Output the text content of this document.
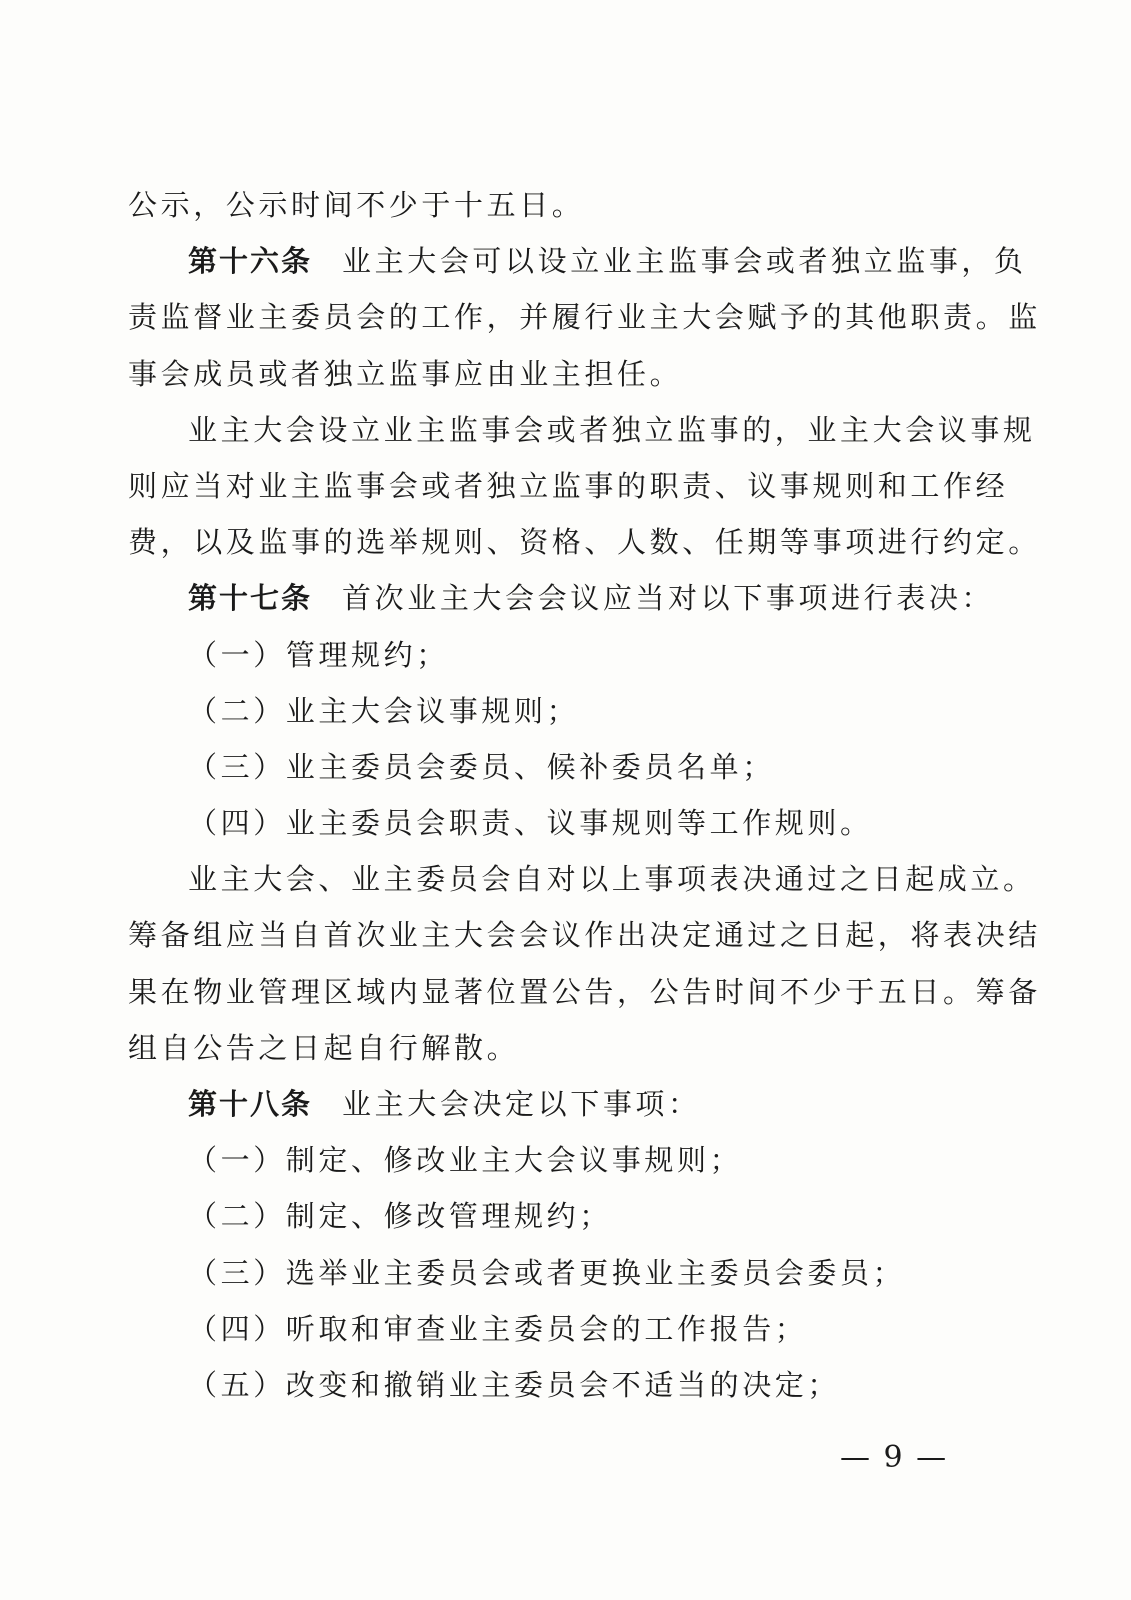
公示，公示时间不少于十五日。
第十六条 业主大会可以设立业主监事会或者独立监事，负
责监督业主委员会的工作，并履行业主大会赋予的其他职责。监
事会成员或者独立监事应由业主担任。
业主大会设立业主监事会或者独立监事的，业主大会议事规
则应当对业主监事会或者独立监事的职责、议事规则和工作经
费，以及监事的选举规则、资格、人数、任期等事项进行约定。
第十七条 首次业主大会会议应当对以下事项进行表决：
（一）管理规约；
（二）业主大会议事规则；
（三）业主委员会委员、候补委员名单；
（四）业主委员会职责、议事规则等工作规则。
业主大会、业主委员会自对以上事项表决通过之日起成立。
筹备组应当自首次业主大会会议作出决定通过之日起，将表决结
果在物业管理区域内显著位置公告，公告时间不少于五日。筹备
组自公告之日起自行解散。
第十八条 业主大会决定以下事项：
（一）制定、修改业主大会议事规则；
（二）制定、修改管理规约；
（三）选举业主委员会或者更换业主委员会委员；
（四）听取和审查业主委员会的工作报告；
（五）改变和撤销业主委员会不适当的决定；
— 9 —
